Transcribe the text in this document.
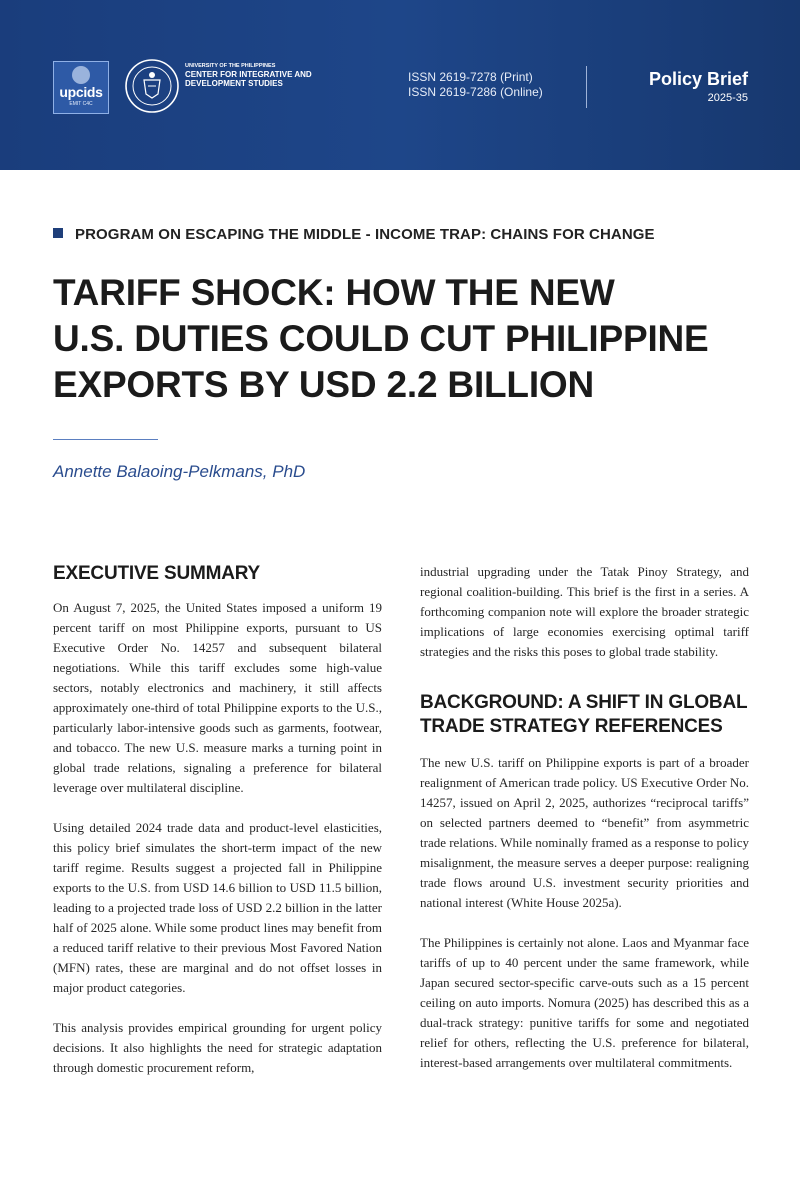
upcids
EMIT C4C
UNIVERSITY OF THE PHILIPPINES
CENTER FOR INTEGRATIVE AND DEVELOPMENT STUDIES	ISSN 2619-7278 (Print)
ISSN 2619-7286 (Online)
Policy Brief
2025-35
PROGRAM ON ESCAPING THE MIDDLE - INCOME TRAP: CHAINS FOR CHANGE
TARIFF SHOCK: HOW THE NEW
U.S. DUTIES COULD CUT PHILIPPINE
EXPORTS BY USD 2.2 BILLION
Annette Balaoing-Pelkmans, PhD
EXECUTIVE SUMMARY

On August 7, 2025, the United States imposed a uniform 19 percent tariff on most Philippine exports, pursuant to US Executive Order No. 14257 and subsequent bilateral negotiations. While this tariff excludes some high-value sectors, notably electronics and machinery, it still affects approximately one-third of total Philippine exports to the U.S., particularly labor-intensive goods such as garments, footwear, and tobacco. The new U.S. measure marks a turning point in global trade relations, signaling a preference for bilateral leverage over multilateral discipline.

Using detailed 2024 trade data and product-level elasticities, this policy brief simulates the short-term impact of the new tariff regime. Results suggest a projected fall in Philippine exports to the U.S. from USD 14.6 billion to USD 11.5 billion, leading to a projected trade loss of USD 2.2 billion in the latter half of 2025 alone. While some product lines may benefit from a reduced tariff relative to their previous Most Favored Nation (MFN) rates, these are marginal and do not offset losses in major product categories.

This analysis provides empirical grounding for urgent policy decisions. It also highlights the need for strategic adaptation through domestic procurement reform,

industrial upgrading under the Tatak Pinoy Strategy, and regional coalition-building. This brief is the first in a series. A forthcoming companion note will explore the broader strategic implications of large economies exercising optimal tariff strategies and the risks this poses to global trade stability.

BACKGROUND: A SHIFT IN GLOBAL
TRADE STRATEGY REFERENCES

The new U.S. tariff on Philippine exports is part of a broader realignment of American trade policy. US Executive Order No. 14257, issued on April 2, 2025, authorizes “reciprocal tariffs” on selected partners deemed to “benefit” from asymmetric trade relations. While nominally framed as a response to policy misalignment, the measure serves a deeper purpose: realigning trade flows around U.S. investment security priorities and national interest (White House 2025a).

The Philippines is certainly not alone. Laos and Myanmar face tariffs of up to 40 percent under the same framework, while Japan secured sector-specific carve-outs such as a 15 percent ceiling on auto imports. Nomura (2025) has described this as a dual-track strategy: punitive tariffs for some and negotiated relief for others, reflecting the U.S. preference for bilateral, interest-based arrangements over multilateral commitments.
